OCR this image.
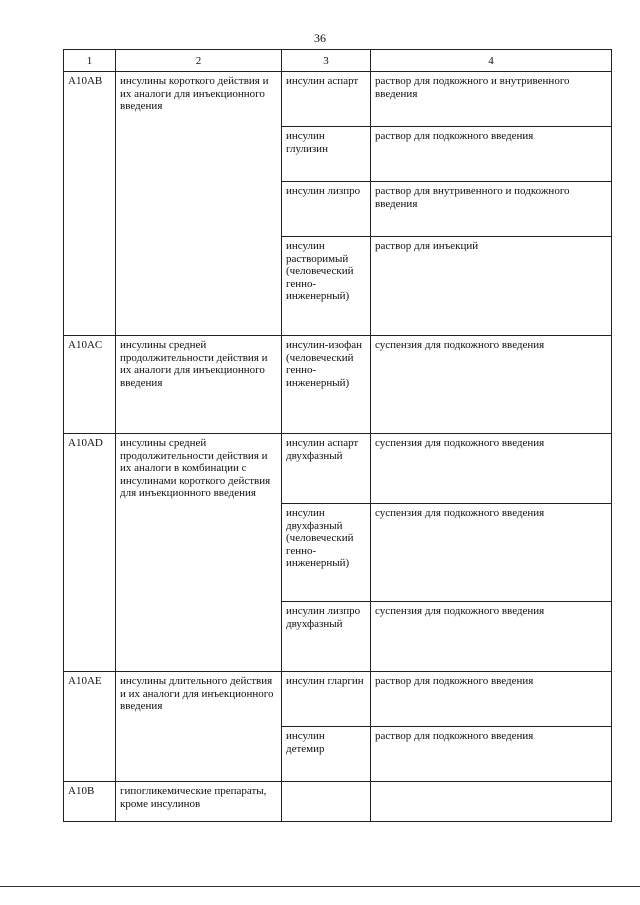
36
1	2	3	4
A10AB	инсулины короткого действия и их аналоги для инъекционного введения	инсулин аспарт	раствор для подкожного и внутривенного введения
		инсулин глулизин	раствор для подкожного введения
		инсулин лизпро	раствор для внутривенного и подкожного введения
		инсулин растворимый (человеческий генно-инженерный)	раствор для инъекций
A10AC	инсулины средней продолжительности действия и их аналоги для инъекционного введения	инсулин-изофан (человеческий генно-инженерный)	суспензия для подкожного введения
A10AD	инсулины средней продолжительности действия и их аналоги в комбинации с инсулинами короткого действия для инъекционного введения	инсулин аспарт двухфазный	суспензия для подкожного введения
		инсулин двухфазный (человеческий генно-инженерный)	суспензия для подкожного введения
		инсулин лизпро двухфазный	суспензия для подкожного введения
A10AE	инсулины длительного действия и их аналоги для инъекционного введения	инсулин гларгин	раствор для подкожного введения
		инсулин детемир	раствор для подкожного введения
A10B	гипогликемические препараты, кроме инсулинов		
